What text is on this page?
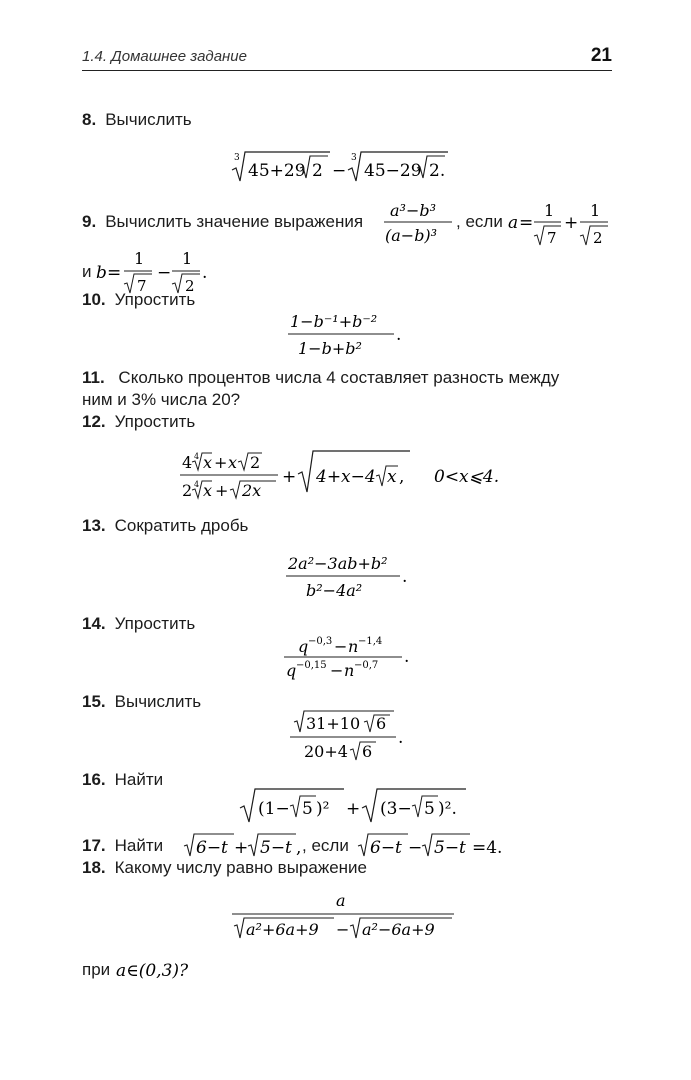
1.4. Домашнее задание	21
8. Вычислить
3
45+29 2 −
3
45−29 2.
9. Вычислить значение выражения
a³−b³
(a−b)³
, если a =
1
7
+
1
2
и b =
1
7
−
1
2
.
10. Упростить
1−b⁻¹+b⁻²
1−b+b²
.
11. Сколько процентов числа 4 составляет разность между
ним и 3% числа 20?
12. Упростить
4 4 x + x 2
2 4 x + 2x
+ 4+x−4 x , 0<x⩽4.
13. Сократить дробь
2a²−3ab+b²
b²−4a²
.
14. Упростить
q −0,3 − n −1,4
q −0,15 − n −0,7 .
15. Вычислить
31+10 6
20+4 6
.
16. Найти
(1− 5 )² + (3− 5 )².
17. Найти 6−t + 5−t , , если 6−t − 5−t =4.
18. Какому числу равно выражение
a
a²+6a+9 − a²−6a+9
при a∈(0,3)?
